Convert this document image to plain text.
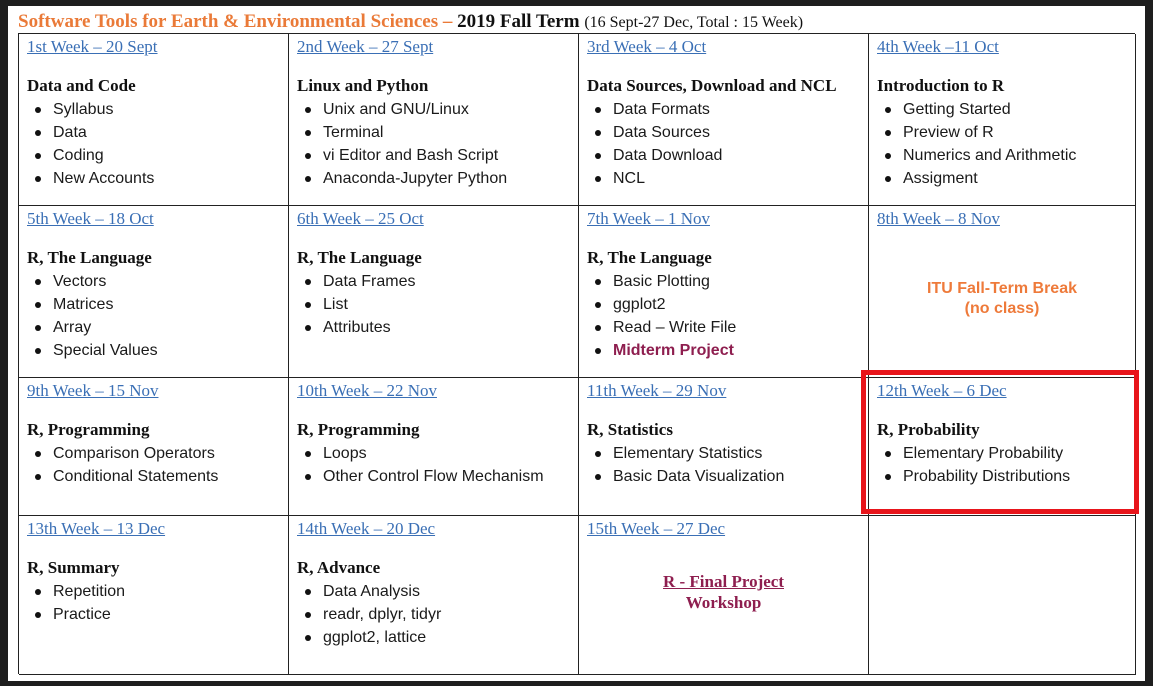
Software Tools for Earth & Environmental Sciences – 2019 Fall Term (16 Sept-27 Dec, Total : 15 Week)
1st Week – 20 Sept
Data and Code
Syllabus
Data
Coding
New Accounts
2nd Week – 27 Sept
Linux and Python
Unix and GNU/Linux
Terminal
vi Editor and Bash Script
Anaconda-Jupyter Python
3rd Week – 4 Oct
Data Sources, Download and NCL
Data Formats
Data Sources
Data Download
NCL
4th Week –11 Oct
Introduction to R
Getting Started
Preview of R
Numerics and Arithmetic
Assigment
5th Week – 18 Oct
R, The Language
Vectors
Matrices
Array
Special Values
6th Week – 25 Oct
R, The Language
Data Frames
List
Attributes
7th Week – 1 Nov
R, The Language
Basic Plotting
ggplot2
Read – Write File
Midterm Project
8th Week – 8 Nov
ITU Fall-Term Break
(no class)
9th Week – 15 Nov
R, Programming
Comparison Operators
Conditional Statements
10th Week – 22 Nov
R, Programming
Loops
Other Control Flow Mechanism
11th Week – 29 Nov
R, Statistics
Elementary Statistics
Basic Data Visualization
12th Week – 6 Dec
R, Probability
Elementary Probability
Probability Distributions
13th Week – 13 Dec
R, Summary
Repetition
Practice
14th Week – 20 Dec
R, Advance
Data Analysis
readr, dplyr, tidyr
ggplot2, lattice
15th Week – 27 Dec
R - Final Project
Workshop
